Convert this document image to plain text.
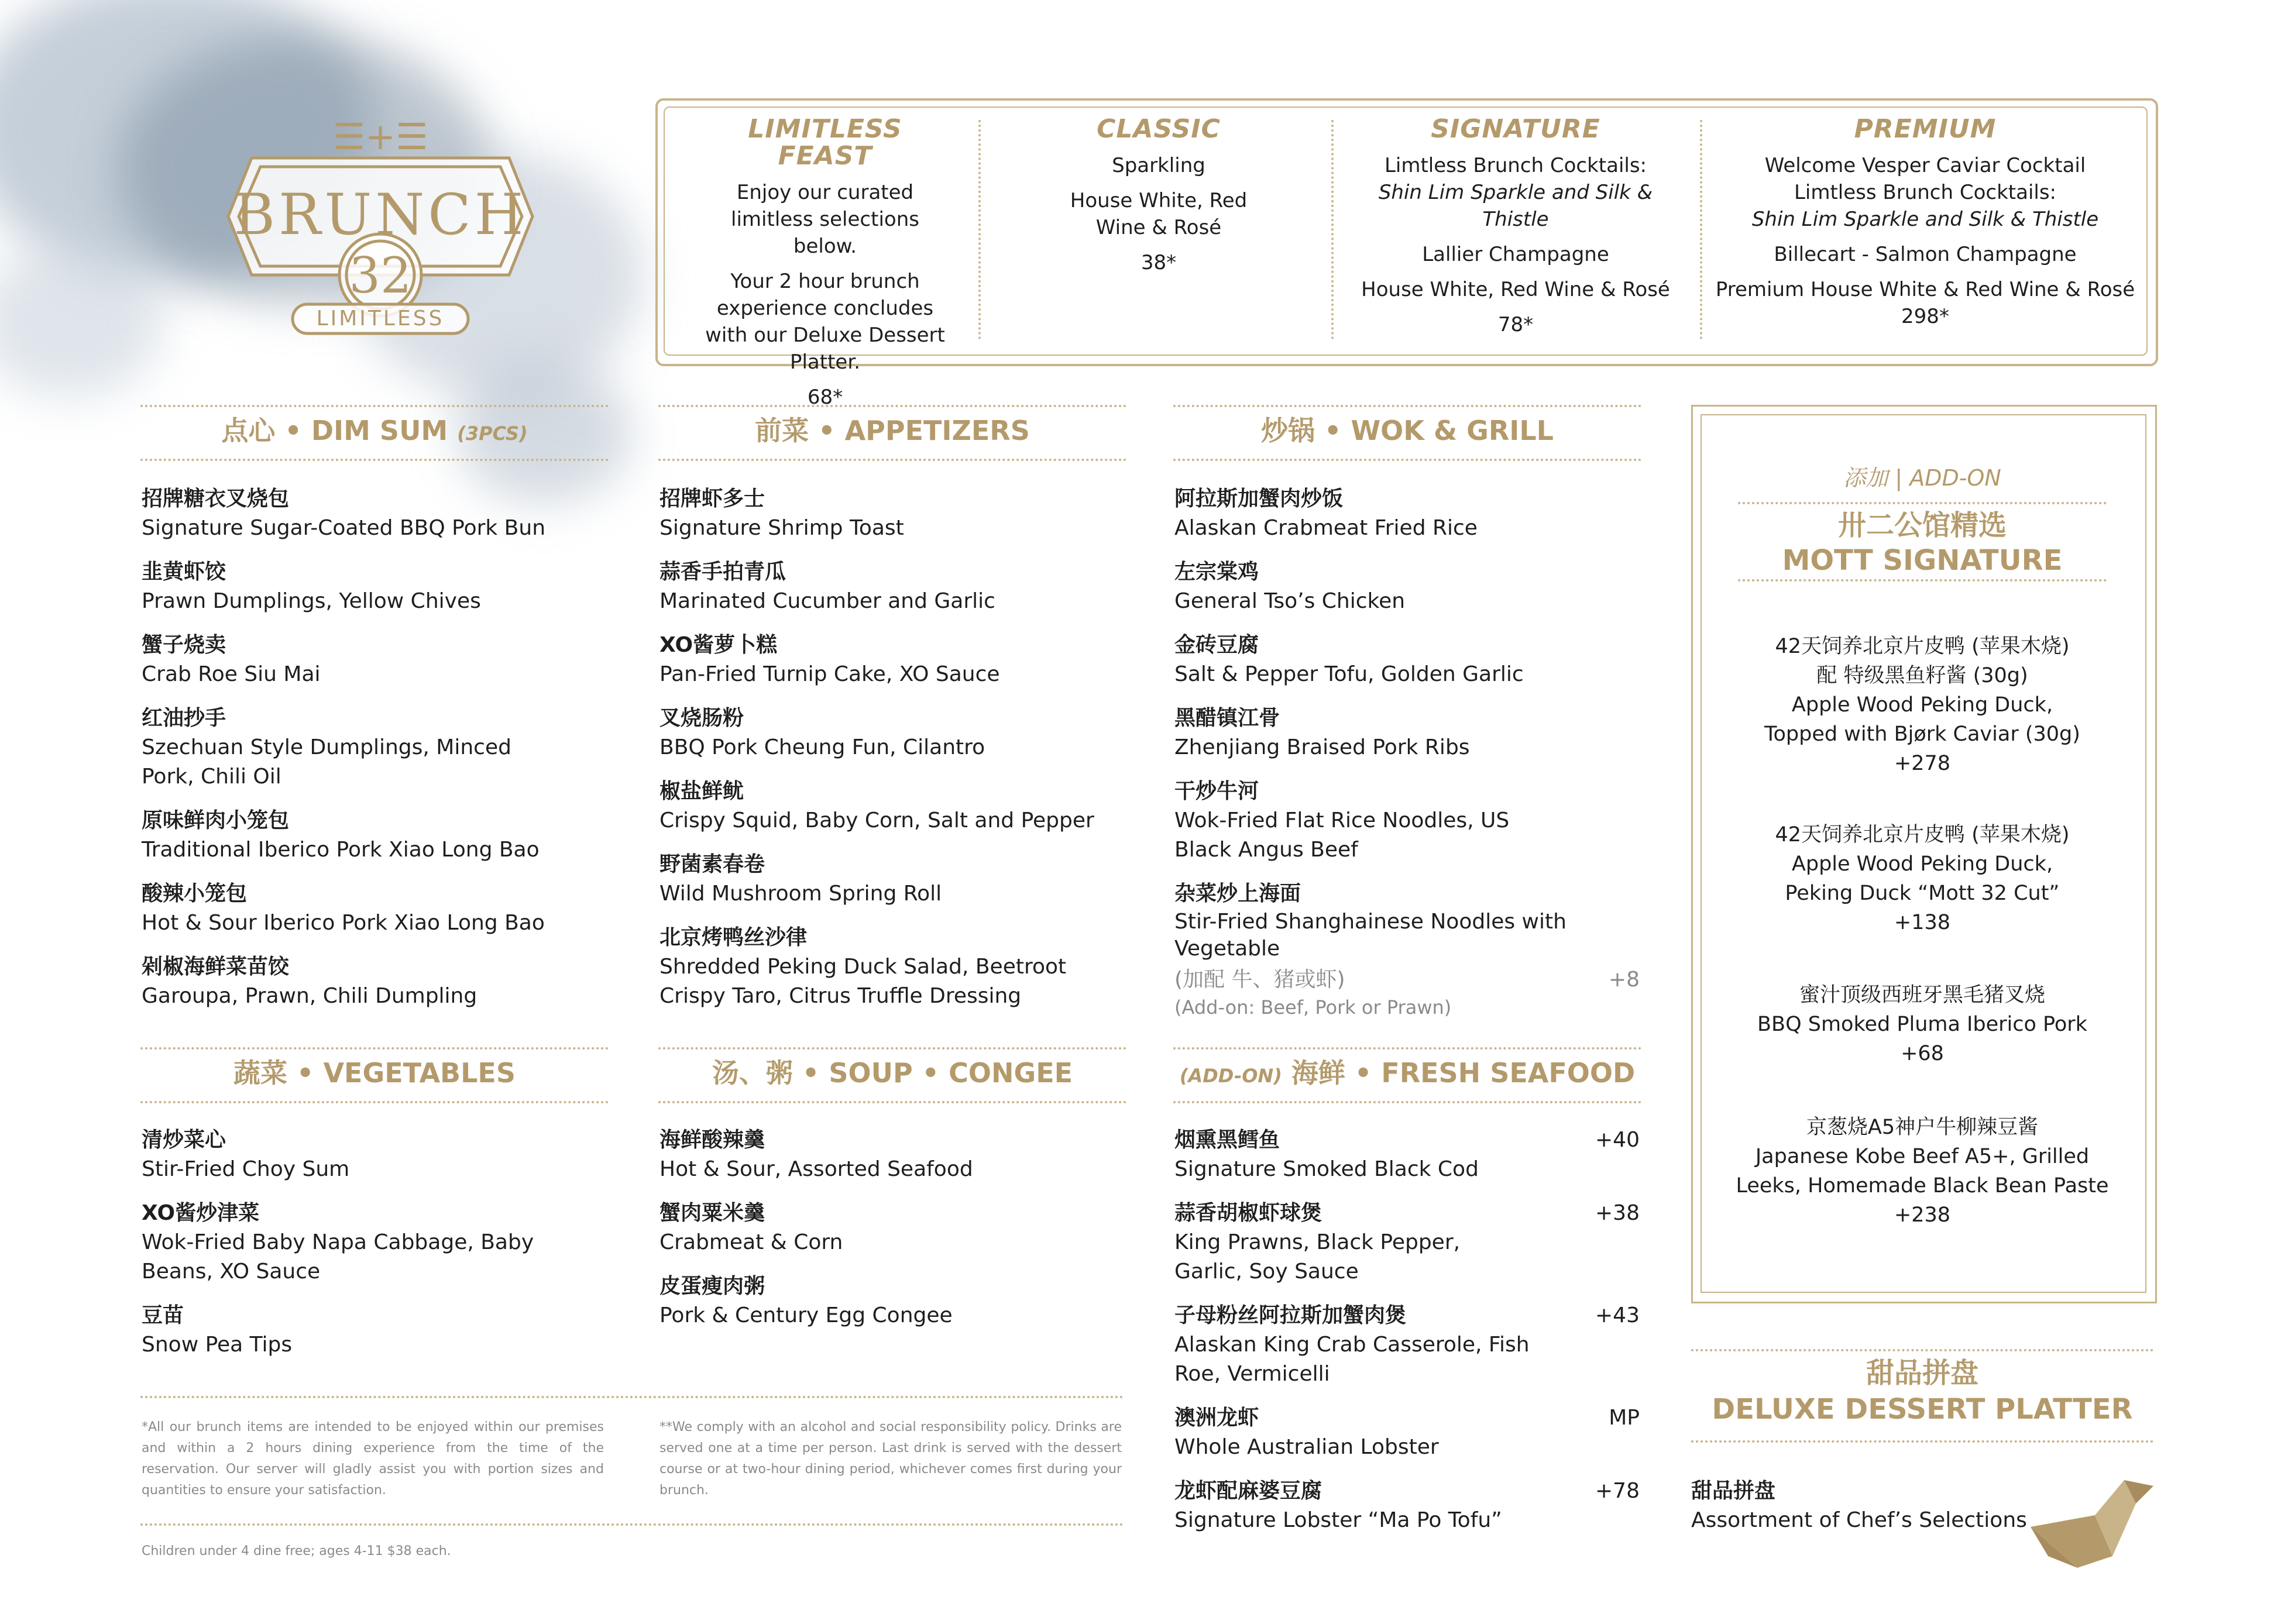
☰+☰
BRUNCH
32
LIMITLESS
LIMITLESS FEAST

Enjoy our curated limitless selections below.

Your 2 hour brunch experience concludes with our Deluxe Dessert Platter.

68*

CLASSIC

Sparkling

House White, Red Wine & Rosé

38*

SIGNATURE
Limtless Brunch Cocktails:

Shin Lim Sparkle and Silk & Thistle

Lallier Champagne

House White, Red Wine & Rosé

78*

PREMIUM
Welcome Vesper Caviar Cocktail
Limtless Brunch Cocktails:

Shin Lim Sparkle and Silk & Thistle

Billecart - Salmon Champagne

Premium House White & Red Wine & Rosé
298*
点心 • DIM SUM (3PCS)
招牌糖衣叉烧包
Signature Sugar-Coated BBQ Pork Bun
韭黄虾饺
Prawn Dumplings, Yellow Chives
蟹子烧卖
Crab Roe Siu Mai
红油抄手
Szechuan Style Dumplings, Minced Pork, Chili Oil
原味鲜肉小笼包
Traditional Iberico Pork Xiao Long Bao
酸辣小笼包
Hot & Sour Iberico Pork Xiao Long Bao
剁椒海鲜菜苗饺
Garoupa, Prawn, Chili Dumpling
蔬菜 • VEGETABLES
清炒菜心
Stir-Fried Choy Sum
XO酱炒津菜
Wok-Fried Baby Napa Cabbage, Baby Beans, XO Sauce
豆苗
Snow Pea Tips
前菜 • APPETIZERS
招牌虾多士
Signature Shrimp Toast
蒜香手拍青瓜
Marinated Cucumber and Garlic
XO酱萝卜糕
Pan-Fried Turnip Cake, XO Sauce
叉烧肠粉
BBQ Pork Cheung Fun, Cilantro
椒盐鲜鱿
Crispy Squid, Baby Corn, Salt and Pepper
野菌素春卷
Wild Mushroom Spring Roll
北京烤鸭丝沙律
Shredded Peking Duck Salad, Beetroot Crispy Taro, Citrus Truffle Dressing
汤、粥 • SOUP • CONGEE
海鲜酸辣羹
Hot & Sour, Assorted Seafood
蟹肉粟米羹
Crabmeat & Corn
皮蛋瘦肉粥
Pork & Century Egg Congee
炒锅 • WOK & GRILL
阿拉斯加蟹肉炒饭
Alaskan Crabmeat Fried Rice
左宗棠鸡
General Tso’s Chicken
金砖豆腐
Salt & Pepper Tofu, Golden Garlic
黑醋镇江骨
Zhenjiang Braised Pork Ribs
干炒牛河
Wok-Fried Flat Rice Noodles, US Black Angus Beef
杂菜炒上海面
Stir-Fried Shanghainese Noodles with Vegetable
(加配 牛、猪或虾)
(Add-on: Beef, Pork or Prawn)
+8
(ADD-ON) 海鲜 • FRESH SEAFOOD
烟熏黑鳕鱼
Signature Smoked Black Cod
+40
蒜香胡椒虾球煲
King Prawns, Black Pepper, Garlic, Soy Sauce
+38
子母粉丝阿拉斯加蟹肉煲
Alaskan King Crab Casserole, Fish Roe, Vermicelli
+43
澳洲龙虾
Whole Australian Lobster
MP
龙虾配麻婆豆腐
Signature Lobster “Ma Po Tofu”
+78
添加 | ADD-ON
卅二公馆精选
MOTT SIGNATURE
42天饲养北京片皮鸭 (苹果木烧)
配 特级黑鱼籽酱 (30g)
Apple Wood Peking Duck,
Topped with Bjørk Caviar (30g)
+278
42天饲养北京片皮鸭 (苹果木烧)
Apple Wood Peking Duck,
Peking Duck “Mott 32 Cut”
+138
蜜汁顶级西班牙黑毛猪叉烧
BBQ Smoked Pluma Iberico Pork
+68
京葱烧A5神户牛柳辣豆酱
Japanese Kobe Beef A5+, Grilled
Leeks, Homemade Black Bean Paste
+238
甜品拼盘
DELUXE DESSERT PLATTER
甜品拼盘
Assortment of Chef’s Selections
*All our brunch items are intended to be enjoyed within our premises and within a 2 hours dining experience from the time of the reservation. Our server will gladly assist you with portion sizes and quantities to ensure your satisfaction.
**We comply with an alcohol and social responsibility policy. Drinks are served one at a time per person. Last drink is served with the dessert course or at two-hour dining period, whichever comes first during your brunch.
Children under 4 dine free; ages 4-11 $38 each.
